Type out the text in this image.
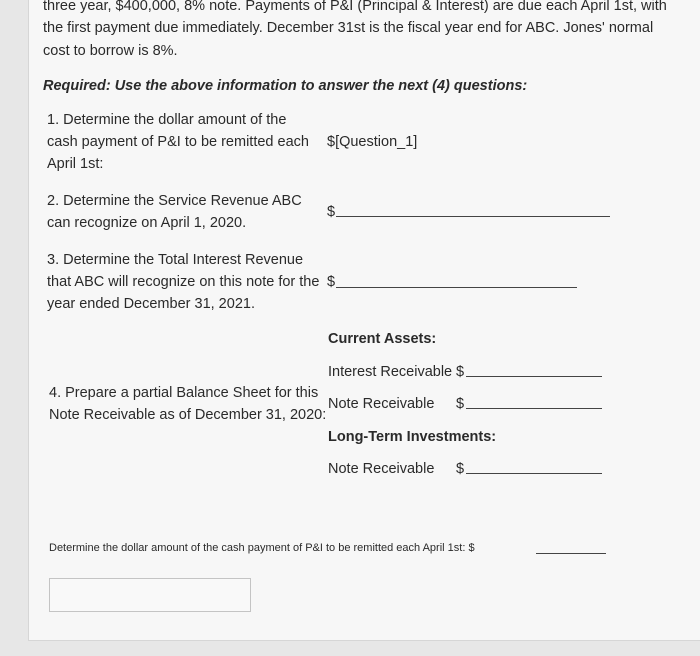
three year, $400,000, 8% note. Payments of P&I (Principal & Interest) are due each April 1st, with
the first payment due immediately. December 31st is the fiscal year end for ABC. Jones' normal
cost to borrow is 8%.
Required: Use the above information to answer the next (4) questions:
1. Determine the dollar amount of the
cash payment of P&I to be remitted each
April 1st:
$[Question_1]
2. Determine the Service Revenue ABC
can recognize on April 1, 2020.
$
3. Determine the Total Interest Revenue
that ABC will recognize on this note for the
year ended December 31, 2021.
$
Current Assets:
Interest Receivable $
4. Prepare a partial Balance Sheet for this
Note Receivable as of December 31, 2020:
Note Receivable $
Long-Term Investments:
Note Receivable $
Determine the dollar amount of the cash payment of P&I to be remitted each April 1st: $
